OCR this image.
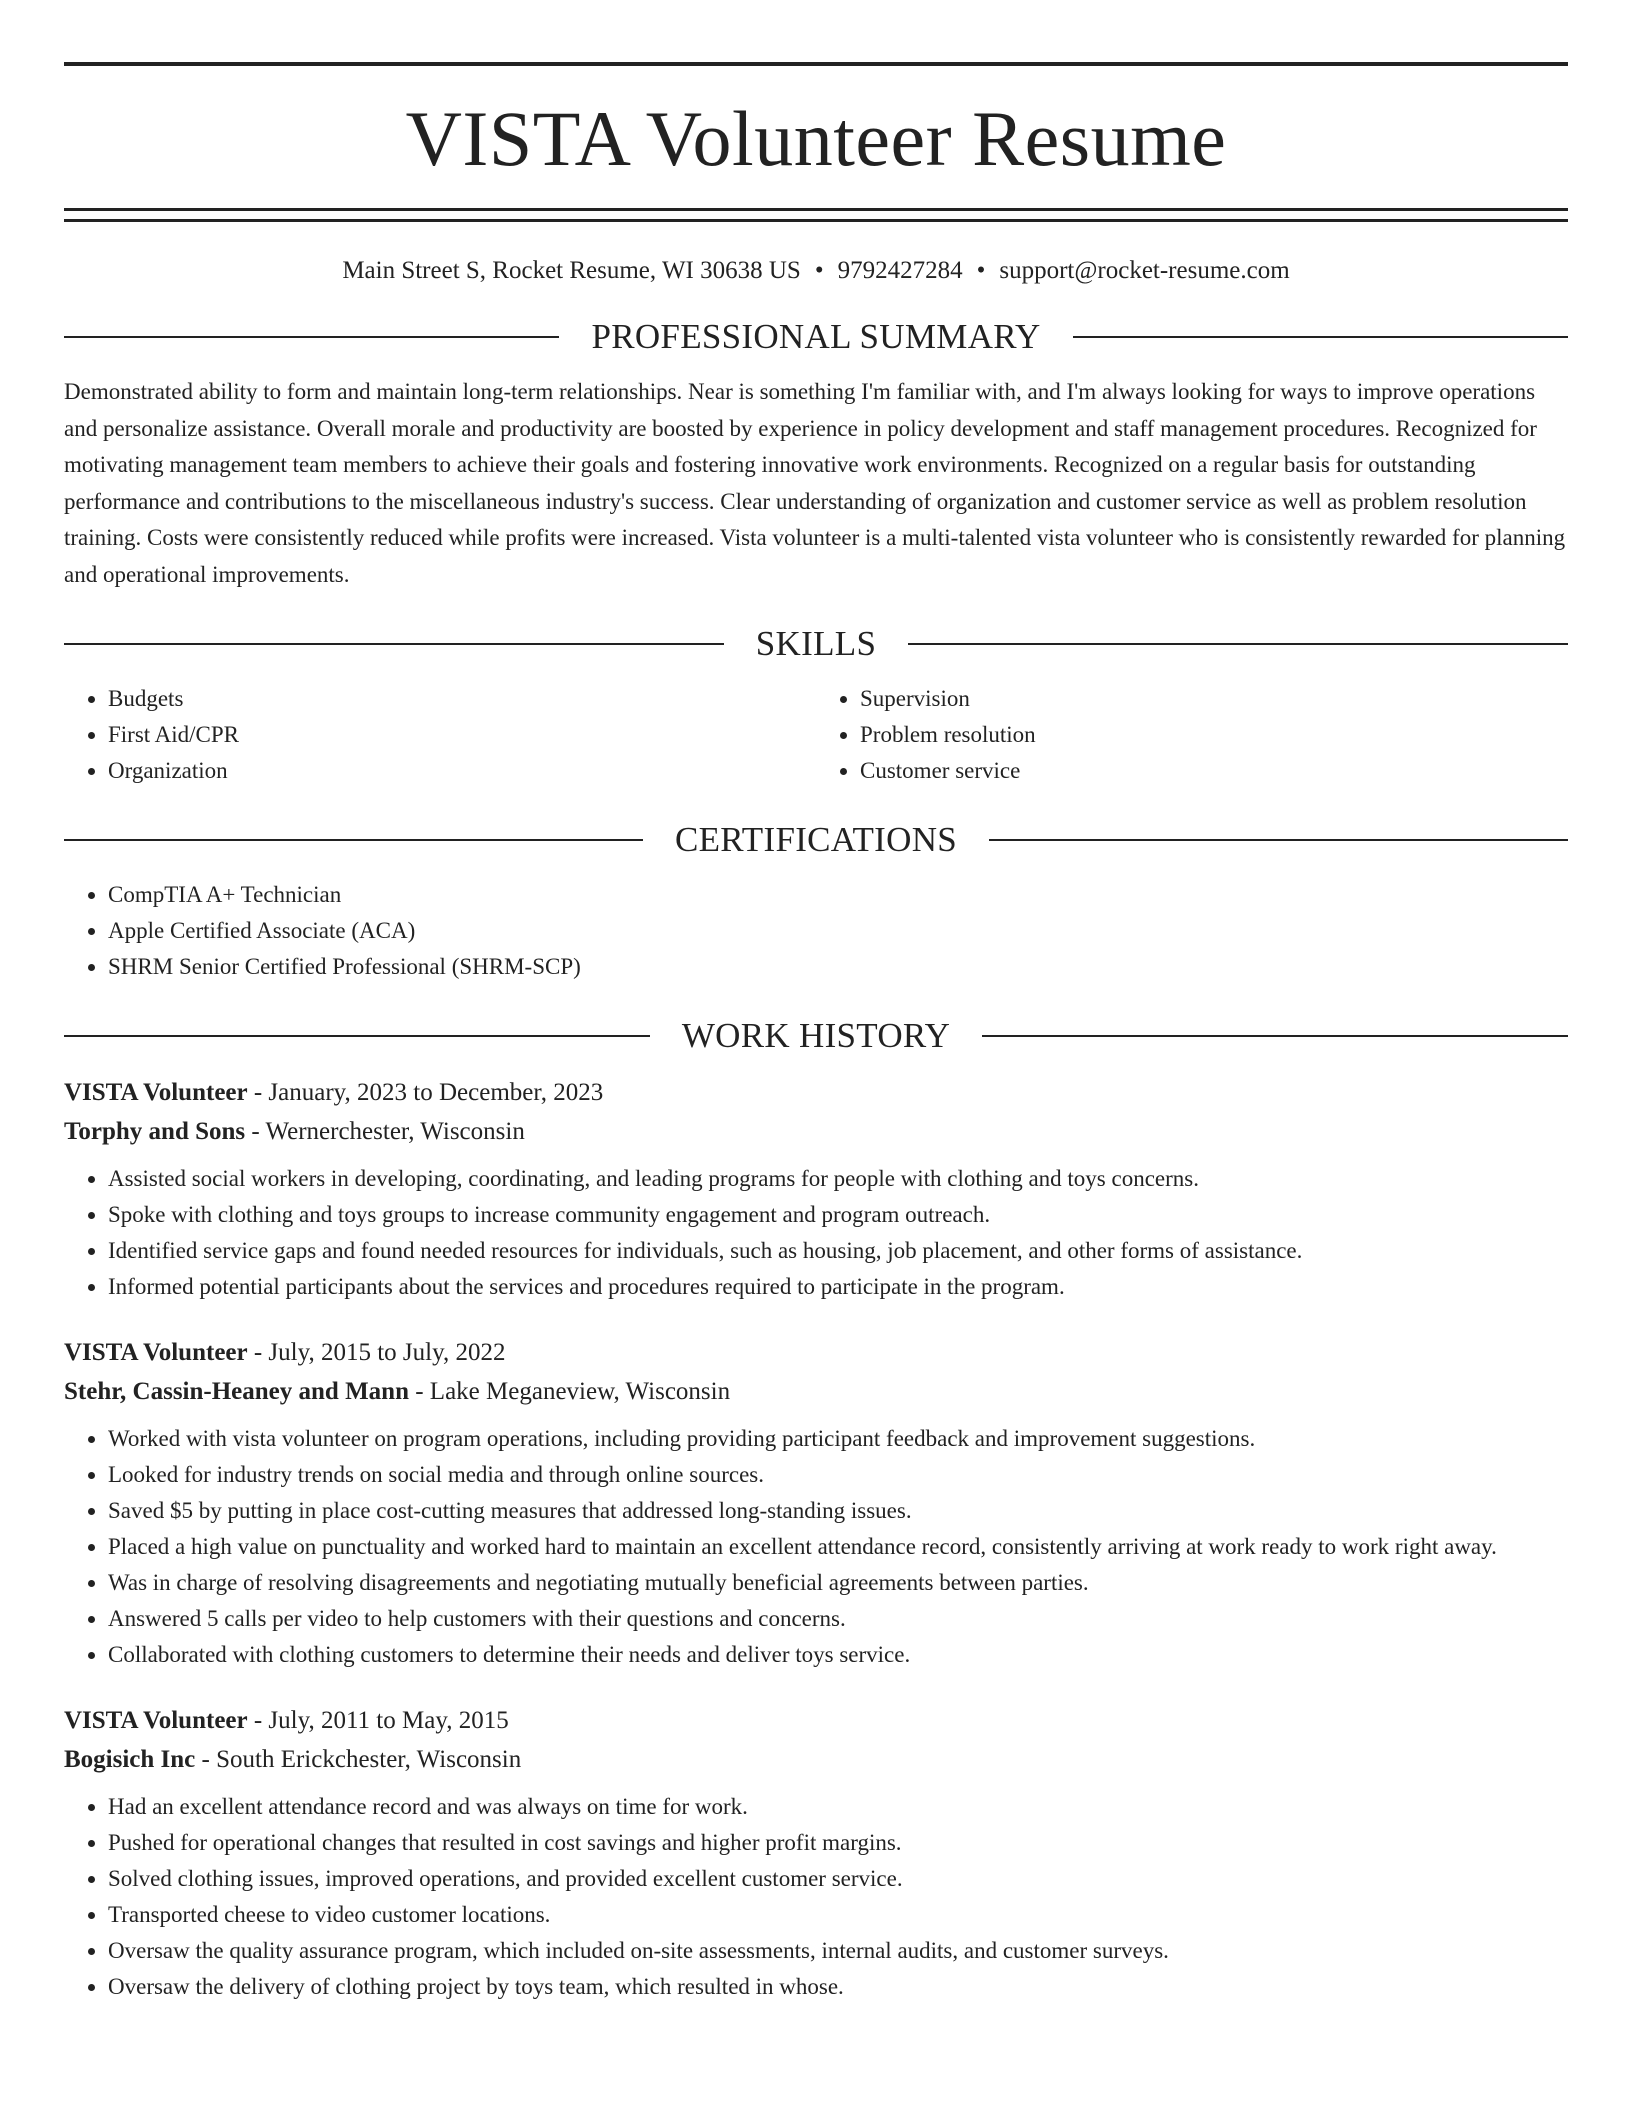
VISTA Volunteer Resume
Main Street S, Rocket Resume, WI 30638 US • 9792427284 • support@rocket-resume.com
PROFESSIONAL SUMMARY

Demonstrated ability to form and maintain long-term relationships. Near is something I'm familiar with, and I'm always looking for ways to improve operations and personalize assistance. Overall morale and productivity are boosted by experience in policy development and staff management procedures. Recognized for motivating management team members to achieve their goals and fostering innovative work environments. Recognized on a regular basis for outstanding performance and contributions to the miscellaneous industry's success. Clear understanding of organization and customer service as well as problem resolution training. Costs were consistently reduced while profits were increased. Vista volunteer is a multi-talented vista volunteer who is consistently rewarded for planning and operational improvements.

SKILLS
• Budgets
• First Aid/CPR
• Organization
• Supervision
• Problem resolution
• Customer service
CERTIFICATIONS
• CompTIA A+ Technician
• Apple Certified Associate (ACA)
• SHRM Senior Certified Professional (SHRM-SCP)
WORK HISTORY
VISTA Volunteer - January, 2023 to December, 2023
Torphy and Sons - Wernerchester, Wisconsin
• Assisted social workers in developing, coordinating, and leading programs for people with clothing and toys concerns.
• Spoke with clothing and toys groups to increase community engagement and program outreach.
• Identified service gaps and found needed resources for individuals, such as housing, job placement, and other forms of assistance.
• Informed potential participants about the services and procedures required to participate in the program.
VISTA Volunteer - July, 2015 to July, 2022
Stehr, Cassin-Heaney and Mann - Lake Meganeview, Wisconsin
• Worked with vista volunteer on program operations, including providing participant feedback and improvement suggestions.
• Looked for industry trends on social media and through online sources.
• Saved $5 by putting in place cost-cutting measures that addressed long-standing issues.
• Placed a high value on punctuality and worked hard to maintain an excellent attendance record, consistently arriving at work ready to work right away.
• Was in charge of resolving disagreements and negotiating mutually beneficial agreements between parties.
• Answered 5 calls per video to help customers with their questions and concerns.
• Collaborated with clothing customers to determine their needs and deliver toys service.
VISTA Volunteer - July, 2011 to May, 2015
Bogisich Inc - South Erickchester, Wisconsin
• Had an excellent attendance record and was always on time for work.
• Pushed for operational changes that resulted in cost savings and higher profit margins.
• Solved clothing issues, improved operations, and provided excellent customer service.
• Transported cheese to video customer locations.
• Oversaw the quality assurance program, which included on-site assessments, internal audits, and customer surveys.
• Oversaw the delivery of clothing project by toys team, which resulted in whose.
